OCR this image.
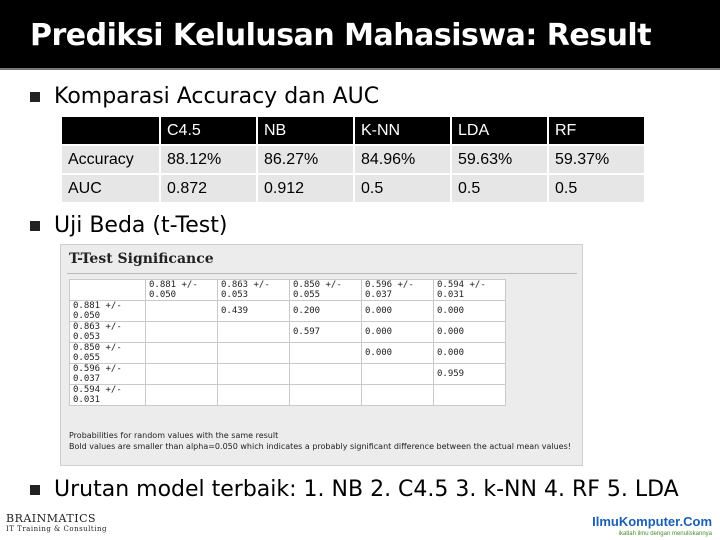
Prediksi Kelulusan Mahasiswa: Result
Komparasi Accuracy dan AUC
	C4.5	NB	K-NN	LDA	RF
Accuracy	88.12%	86.27%	84.96%	59.63%	59.37%
AUC	0.872	0.912	0.5	0.5	0.5
Uji Beda (t-Test)
T-Test Significance
	0.881 +/- 0.050	0.863 +/- 0.053	0.850 +/- 0.055	0.596 +/- 0.037	0.594 +/- 0.031
0.881 +/- 0.050		0.439	0.200	0.000	0.000
0.863 +/- 0.053			0.597	0.000	0.000
0.850 +/- 0.055				0.000	0.000
0.596 +/- 0.037					0.959
0.594 +/- 0.031					
Probabilities for random values with the same result
Bold values are smaller than alpha=0.050 which indicates a probably significant difference between the actual mean values!
Urutan model terbaik: 1. NB 2. C4.5 3. k-NN 4. RF 5. LDA
BRAINMATICS
IT Training & Consulting	IlmuKomputer.Com
ikatlah ilmu dengan menuliskannya
